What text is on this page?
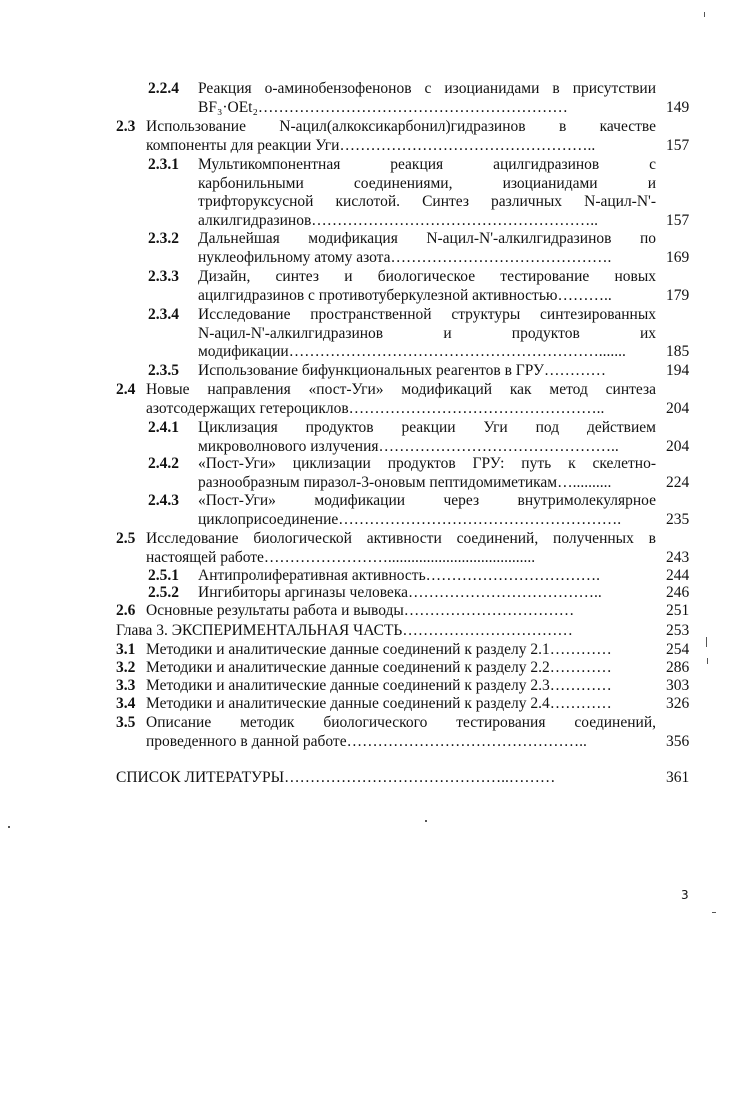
2.2.4 Реакция о-аминобензофенонов с изоцианидами в присутствии
BF₃·OEt₂……………………………………………………	149
2.3 Использование N-ацил(алкоксикарбонил)гидразинов в качестве
компоненты для реакции Уги…………………………………………..	157
2.3.1 Мультикомпонентная реакция ацилгидразинов с
карбонильными соединениями, изоцианидами и
трифторуксусной кислотой. Синтез различных N-ацил-N'-
алкилгидразинов………………………………………………..	157
2.3.2 Дальнейшая модификация N-ацил-N'-алкилгидразинов по
нуклеофильному атому азота…………………………………….	169
2.3.3 Дизайн, синтез и биологическое тестирование новых
ацилгидразинов с противотуберкулезной активностью………..	179
2.3.4 Исследование пространственной структуры синтезированных
N-ацил-N'-алкилгидразинов и продуктов их
модификации…………………………………………………….......	185
2.3.5 Использование бифункциональных реагентов в ГРУ…………	194
2.4 Новые направления «пост-Уги» модификаций как метод синтеза
азотсодержащих гетероциклов…………………………………………..	204
2.4.1 Циклизация продуктов реакции Уги под действием
микроволнового излучения………………………………………..	204
2.4.2 «Пост-Уги» циклизации продуктов ГРУ: путь к скелетно-
разнообразным пиразол-3-оновым пептидомиметикам…..........	224
2.4.3 «Пост-Уги» модификации через внутримолекулярное
циклоприсоединение……………………………………………….	235
2.5 Исследование биологической активности соединений, полученных в
настоящей работе……………………......................................	243
2.5.1 Антипролиферативная активность…………………………….	244
2.5.2 Ингибиторы аргиназы человека………………………………..	246
2.6 Основные результаты работа и выводы……………………………	251
Глава 3. ЭКСПЕРИМЕНТАЛЬНАЯ ЧАСТЬ……………………………	253
3.1 Методики и аналитические данные соединений к разделу 2.1…………	254
3.2 Методики и аналитические данные соединений к разделу 2.2…………	286
3.3 Методики и аналитические данные соединений к разделу 2.3…………	303
3.4 Методики и аналитические данные соединений к разделу 2.4…………	326
3.5 Описание методик биологического тестирования соединений,
проведенного в данной работе………………………………………..	356
СПИСОК ЛИТЕРАТУРЫ……………………………………..………	361
3
